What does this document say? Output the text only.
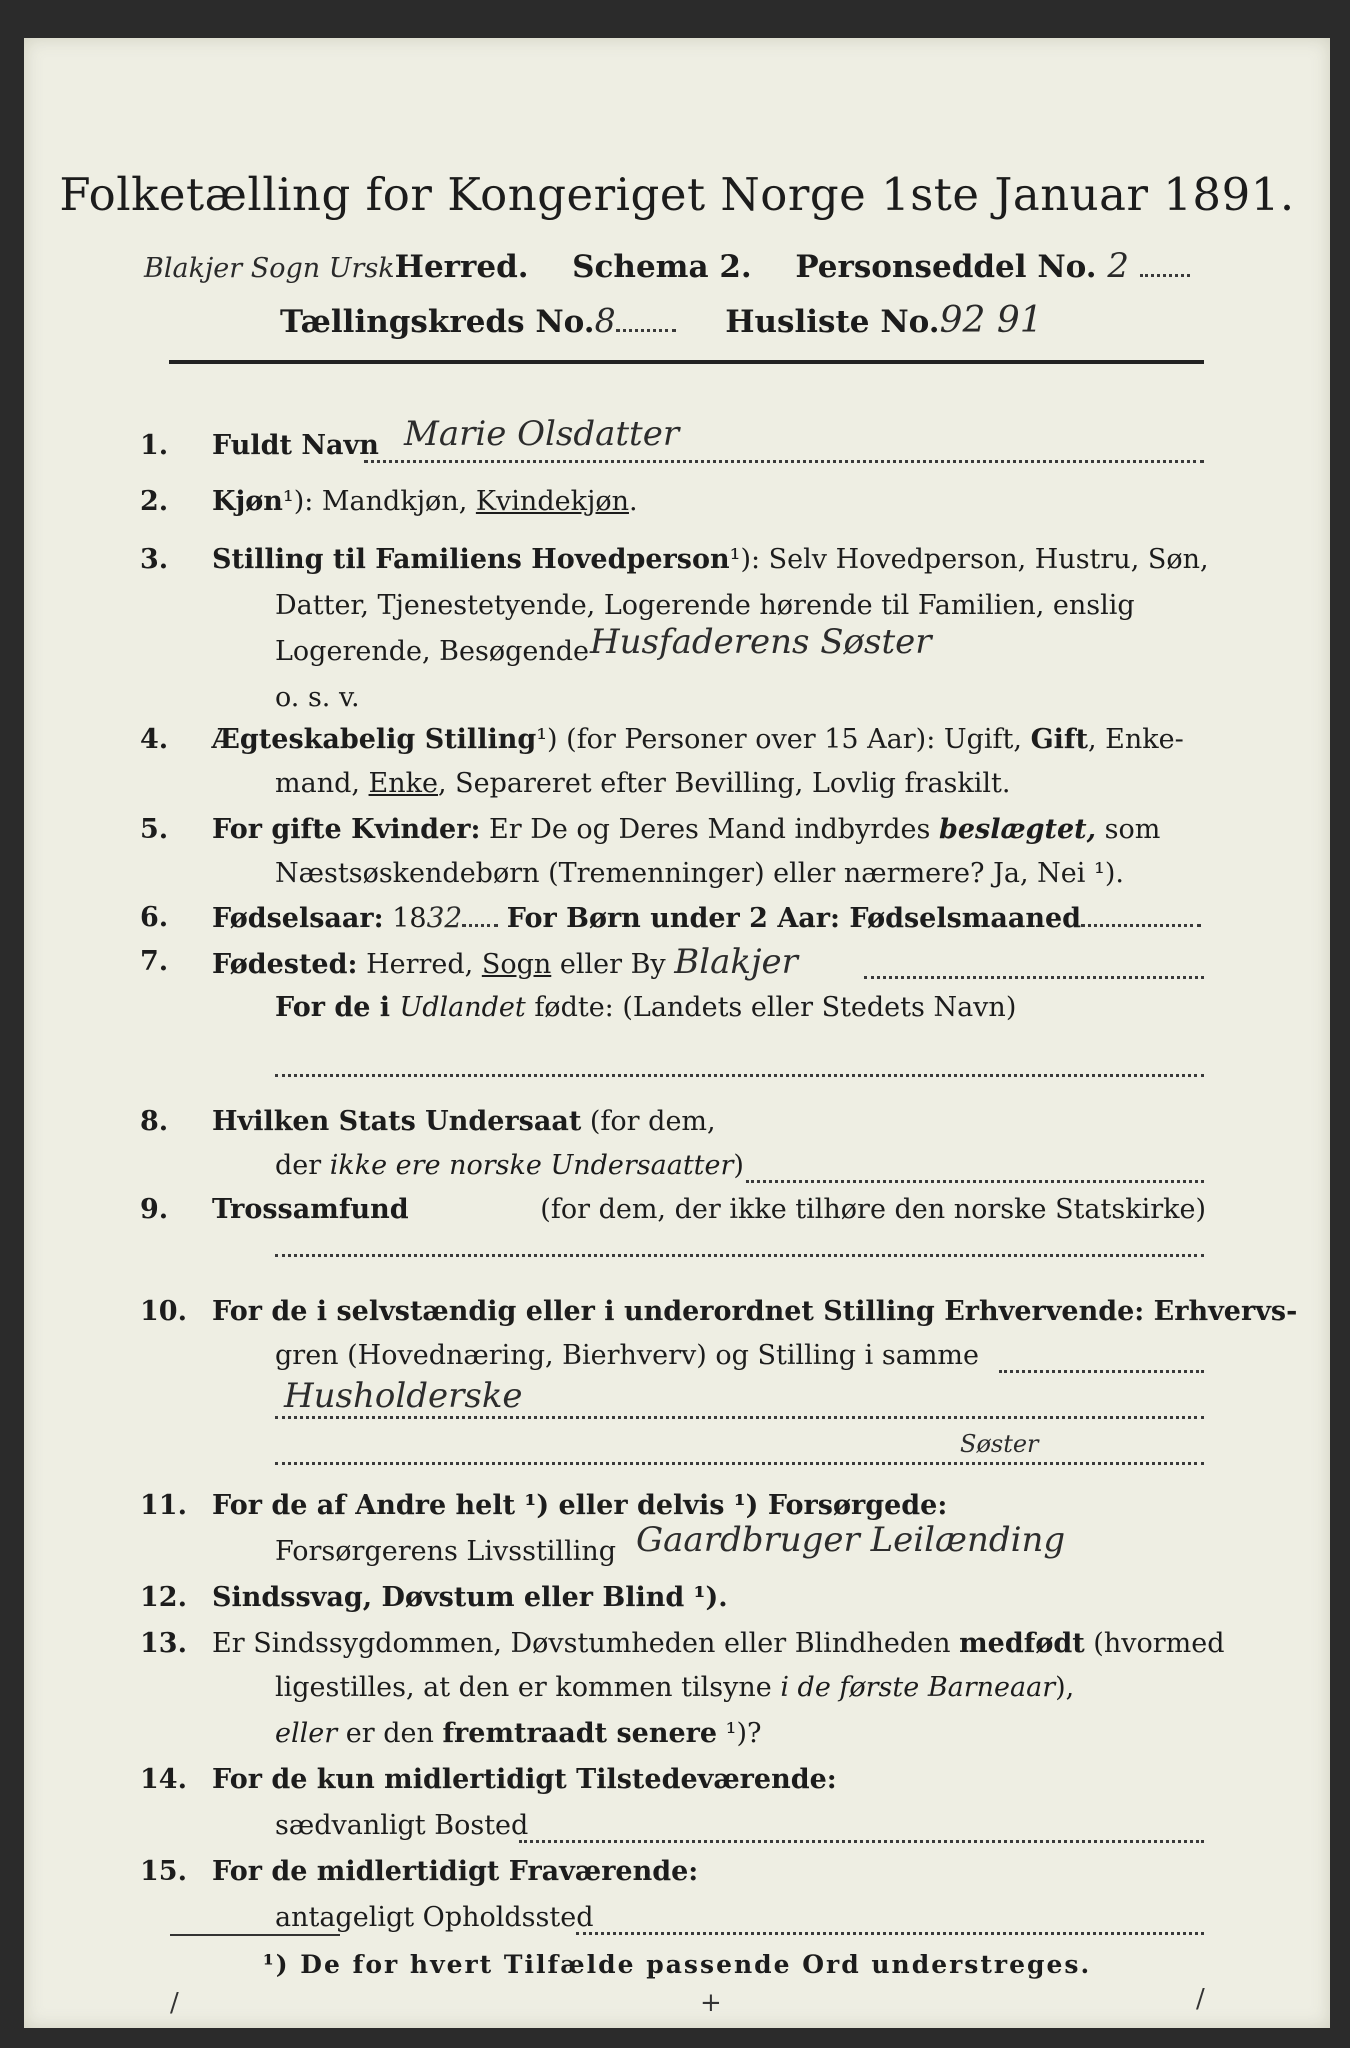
Folketælling for Kongeriget Norge 1ste Januar 1891.
Blakjer Sogn UrskHerred. Schema 2. Personseddel No. 2
Tællingskreds No.8	Husliste No.92 91
1.	Fuldt Navn Marie Olsdatter
2.	Kjøn¹): Mandkjøn, Kvindekjøn.
3.	Stilling til Familiens Hovedperson¹): Selv Hovedperson, Hustru, Søn,
Datter, Tjenestetyende, Logerende hørende til Familien, enslig
Logerende, Besøgende Husfaderens Søster
o. s. v.
4.	Ægteskabelig Stilling¹) (for Personer over 15 Aar): Ugift, Gift, Enke-
mand, Enke, Separeret efter Bevilling, Lovlig fraskilt.
5.	For gifte Kvinder: Er De og Deres Mand indbyrdes beslægtet, som
Næstsøskendebørn (Tremenninger) eller nærmere? Ja, Nei ¹).
6.	Fødselsaar: 1832 For Børn under 2 Aar: Fødselsmaaned
7.	Fødested: Herred, Sogn eller By Blakjer
For de i Udlandet fødte: (Landets eller Stedets Navn)
8.	Hvilken Stats Undersaat (for dem,
der ikke ere norske Undersaatter)
9.	Trossamfund	(for dem, der ikke tilhøre den norske Statskirke)
10. For de i selvstændig eller i underordnet Stilling Erhvervende: Erhvervs-
gren (Hovednæring, Bierhverv) og Stilling i samme
Husholderske
Søster
11. For de af Andre helt ¹) eller delvis ¹) Forsørgede:
Forsørgerens Livsstilling Gaardbruger Leilænding
12. Sindssvag, Døvstum eller Blind ¹).
13. Er Sindssygdommen, Døvstumheden eller Blindheden medfødt (hvormed
ligestilles, at den er kommen tilsyne i de første Barneaar),
eller er den fremtraadt senere ¹)?
14. For de kun midlertidigt Tilstedeværende:
sædvanligt Bosted
15. For de midlertidigt Fraværende:
antageligt Opholdssted
¹) De for hvert Tilfælde passende Ord understreges.
/	+	/
